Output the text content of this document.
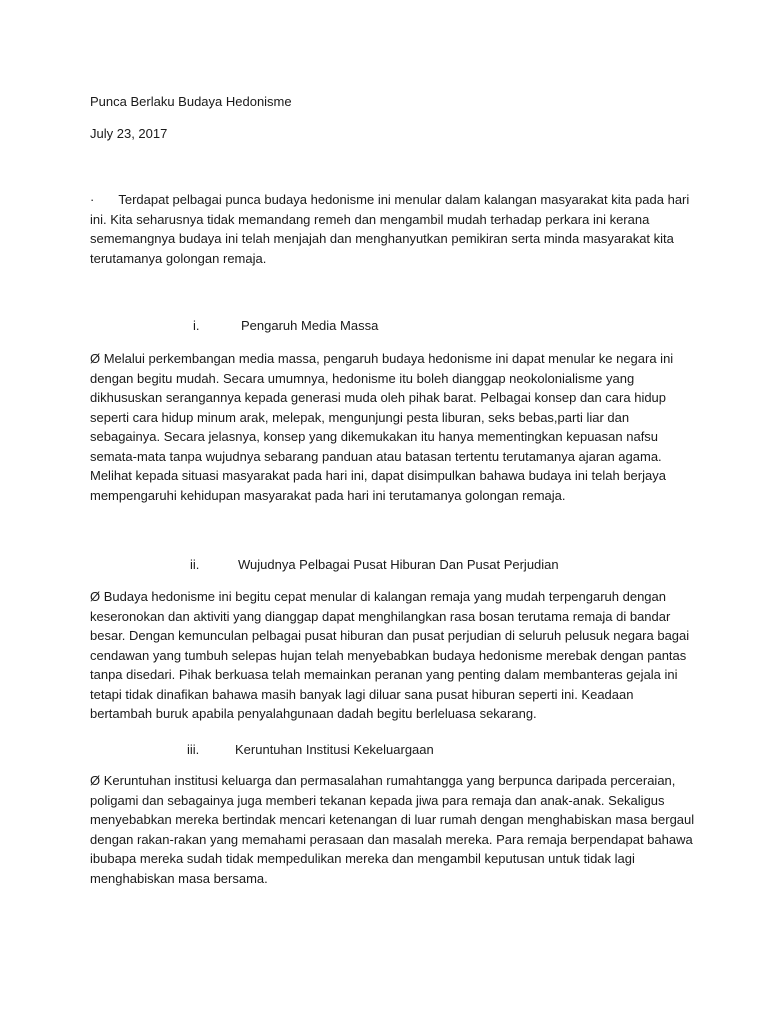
Punca Berlaku Budaya Hedonisme
July 23, 2017

· Terdapat pelbagai punca budaya hedonisme ini menular dalam kalangan masyarakat kita pada hari

ini. Kita seharusnya tidak memandang remeh dan mengambil mudah terhadap perkara ini kerana

sememangnya budaya ini telah menjajah dan menghanyutkan pemikiran serta minda masyarakat kita

terutamanya golongan remaja.

i.	Pengaruh Media Massa

Ø Melalui perkembangan media massa, pengaruh budaya hedonisme ini dapat menular ke negara ini

dengan begitu mudah. Secara umumnya, hedonisme itu boleh dianggap neokolonialisme yang

dikhususkan serangannya kepada generasi muda oleh pihak barat. Pelbagai konsep dan cara hidup

seperti cara hidup minum arak, melepak, mengunjungi pesta liburan, seks bebas,parti liar dan

sebagainya. Secara jelasnya, konsep yang dikemukakan itu hanya mementingkan kepuasan nafsu

semata-mata tanpa wujudnya sebarang panduan atau batasan tertentu terutamanya ajaran agama.

Melihat kepada situasi masyarakat pada hari ini, dapat disimpulkan bahawa budaya ini telah berjaya

mempengaruhi kehidupan masyarakat pada hari ini terutamanya golongan remaja.

ii.	Wujudnya Pelbagai Pusat Hiburan Dan Pusat Perjudian

Ø Budaya hedonisme ini begitu cepat menular di kalangan remaja yang mudah terpengaruh dengan

keseronokan dan aktiviti yang dianggap dapat menghilangkan rasa bosan terutama remaja di bandar

besar. Dengan kemunculan pelbagai pusat hiburan dan pusat perjudian di seluruh pelusuk negara bagai

cendawan yang tumbuh selepas hujan telah menyebabkan budaya hedonisme merebak dengan pantas

tanpa disedari. Pihak berkuasa telah memainkan peranan yang penting dalam membanteras gejala ini

tetapi tidak dinafikan bahawa masih banyak lagi diluar sana pusat hiburan seperti ini. Keadaan

bertambah buruk apabila penyalahgunaan dadah begitu berleluasa sekarang.

iii.	Keruntuhan Institusi Kekeluargaan

Ø Keruntuhan institusi keluarga dan permasalahan rumahtangga yang berpunca daripada perceraian,

poligami dan sebagainya juga memberi tekanan kepada jiwa para remaja dan anak-anak. Sekaligus

menyebabkan mereka bertindak mencari ketenangan di luar rumah dengan menghabiskan masa bergaul

dengan rakan-rakan yang memahami perasaan dan masalah mereka. Para remaja berpendapat bahawa

ibubapa mereka sudah tidak mempedulikan mereka dan mengambil keputusan untuk tidak lagi

menghabiskan masa bersama.
